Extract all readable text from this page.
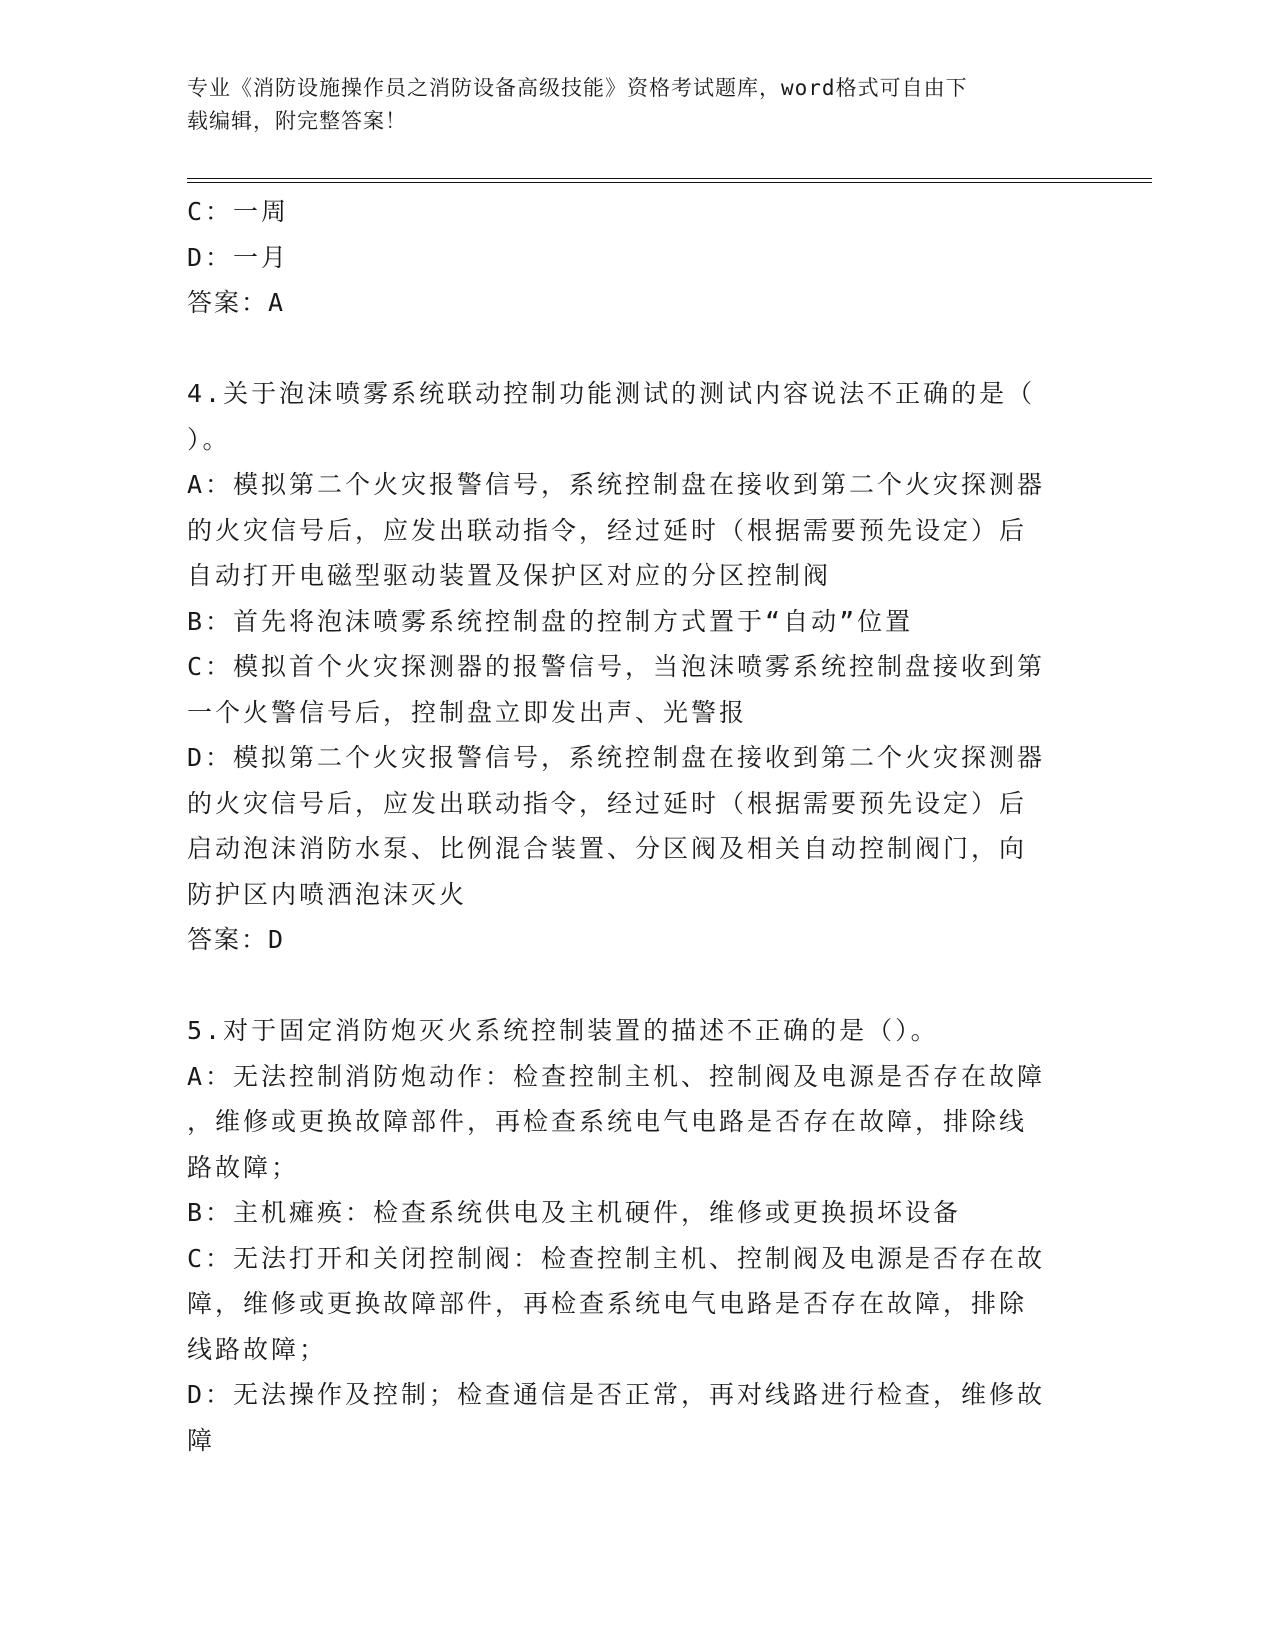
专业《消防设施操作员之消防设备高级技能》资格考试题库，word格式可自由下
载编辑，附完整答案！
C：一周
D：一月
答案：A
4.关于泡沫喷雾系统联动控制功能测试的测试内容说法不正确的是（
）。
A：模拟第二个火灾报警信号，系统控制盘在接收到第二个火灾探测器
的火灾信号后，应发出联动指令，经过延时（根据需要预先设定）后
自动打开电磁型驱动装置及保护区对应的分区控制阀
B：首先将泡沫喷雾系统控制盘的控制方式置于“自动”位置
C：模拟首个火灾探测器的报警信号，当泡沫喷雾系统控制盘接收到第
一个火警信号后，控制盘立即发出声、光警报
D：模拟第二个火灾报警信号，系统控制盘在接收到第二个火灾探测器
的火灾信号后，应发出联动指令，经过延时（根据需要预先设定）后
启动泡沫消防水泵、比例混合装置、分区阀及相关自动控制阀门，向
防护区内喷洒泡沫灭火
答案：D
5.对于固定消防炮灭火系统控制装置的描述不正确的是（）。
A：无法控制消防炮动作：检查控制主机、控制阀及电源是否存在故障
，维修或更换故障部件，再检查系统电气电路是否存在故障，排除线
路故障；
B：主机瘫痪：检查系统供电及主机硬件，维修或更换损坏设备
C：无法打开和关闭控制阀：检查控制主机、控制阀及电源是否存在故
障，维修或更换故障部件，再检查系统电气电路是否存在故障，排除
线路故障；
D：无法操作及控制；检查通信是否正常，再对线路进行检查，维修故
障
